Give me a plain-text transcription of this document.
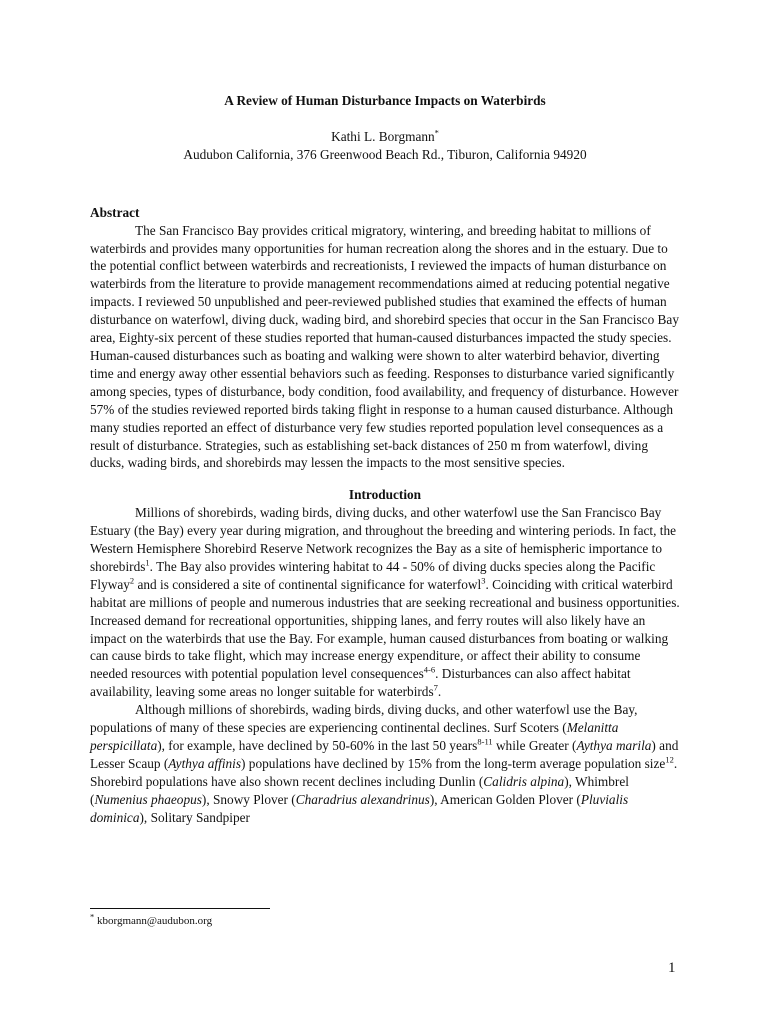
A Review of Human Disturbance Impacts on Waterbirds
Kathi L. Borgmann*
Audubon California, 376 Greenwood Beach Rd., Tiburon, California 94920
Abstract

The San Francisco Bay provides critical migratory, wintering, and breeding habitat to millions of waterbirds and provides many opportunities for human recreation along the shores and in the estuary. Due to the potential conflict between waterbirds and recreationists, I reviewed the impacts of human disturbance on waterbirds from the literature to provide management recommendations aimed at reducing potential negative impacts. I reviewed 50 unpublished and peer-reviewed published studies that examined the effects of human disturbance on waterfowl, diving duck, wading bird, and shorebird species that occur in the San Francisco Bay area, Eighty-six percent of these studies reported that human-caused disturbances impacted the study species. Human-caused disturbances such as boating and walking were shown to alter waterbird behavior, diverting time and energy away other essential behaviors such as feeding. Responses to disturbance varied significantly among species, types of disturbance, body condition, food availability, and frequency of disturbance. However 57% of the studies reviewed reported birds taking flight in response to a human caused disturbance. Although many studies reported an effect of disturbance very few studies reported population level consequences as a result of disturbance. Strategies, such as establishing set-back distances of 250 m from waterfowl, diving ducks, wading birds, and shorebirds may lessen the impacts to the most sensitive species.

Introduction

Millions of shorebirds, wading birds, diving ducks, and other waterfowl use the San Francisco Bay Estuary (the Bay) every year during migration, and throughout the breeding and wintering periods. In fact, the Western Hemisphere Shorebird Reserve Network recognizes the Bay as a site of hemispheric importance to shorebirds$^1$. The Bay also provides wintering habitat to 44 - 50% of diving ducks species along the Pacific Flyway$^2$ and is considered a site of continental significance for waterfowl$^3$. Coinciding with critical waterbird habitat are millions of people and numerous industries that are seeking recreational and business opportunities. Increased demand for recreational opportunities, shipping lanes, and ferry routes will also likely have an impact on the waterbirds that use the Bay. For example, human caused disturbances from boating or walking can cause birds to take flight, which may increase energy expenditure, or affect their ability to consume needed resources with potential population level consequences$^{4-6}$. Disturbances can also affect habitat availability, leaving some areas no longer suitable for waterbirds$^7$.

Although millions of shorebirds, wading birds, diving ducks, and other waterfowl use the Bay, populations of many of these species are experiencing continental declines. Surf Scoters (Melanitta perspicillata), for example, have declined by 50-60% in the last 50 years$^{8-11}$ while Greater (Aythya marila) and Lesser Scaup (Aythya affinis) populations have declined by 15% from the long-term average population size$^{12}$. Shorebird populations have also shown recent declines including Dunlin (Calidris alpina), Whimbrel (Numenius phaeopus), Snowy Plover (Charadrius alexandrinus), American Golden Plover (Pluvialis dominica), Solitary Sandpiper

* kborgmann@audubon.org
1
